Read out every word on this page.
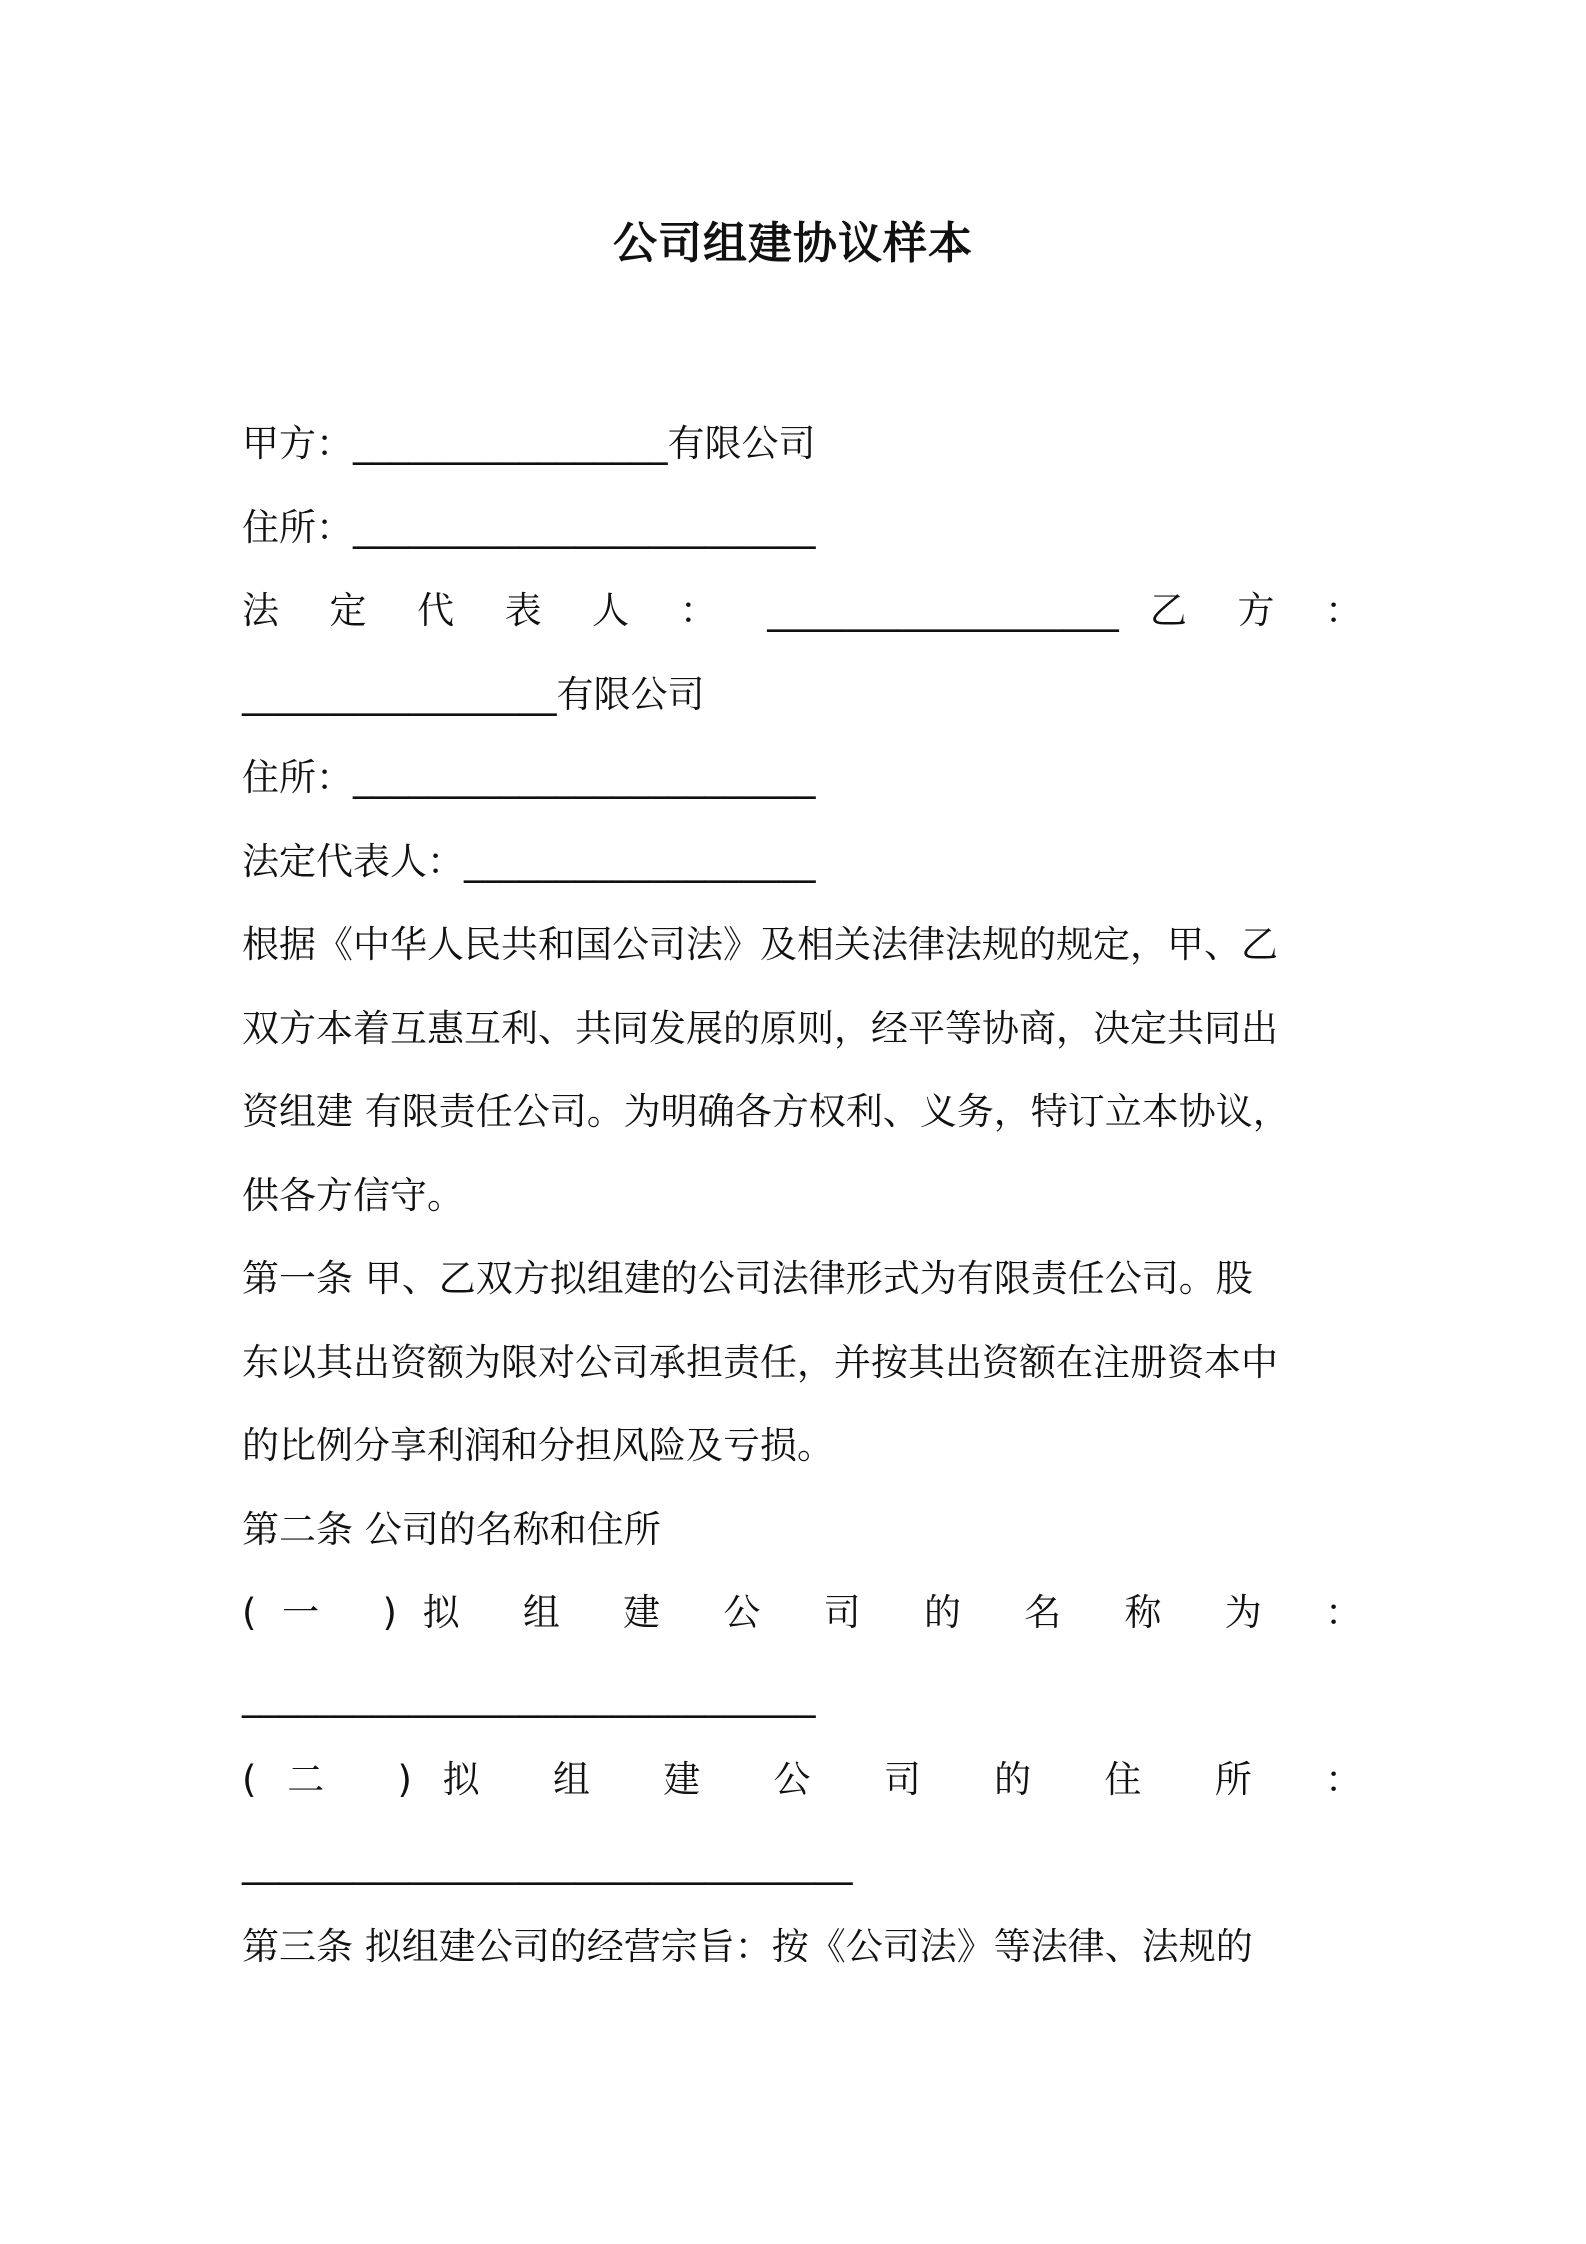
公司组建协议样本

甲方：_________________有限公司

住所：_________________________

法 定 代 表 人 ： ___________________ 乙 方 ：

_________________有限公司

住所：_________________________

法定代表人：___________________

根据《中华人民共和国公司法》及相关法律法规的规定，甲、乙

双方本着互惠互利、共同发展的原则，经平等协商，决定共同出

资组建 有限责任公司。为明确各方权利、义务，特订立本协议，

供各方信守。

第一条 甲、乙双方拟组建的公司法律形式为有限责任公司。股

东以其出资额为限对公司承担责任，并按其出资额在注册资本中

的比例分享利润和分担风险及亏损。

第二条 公司的名称和住所

(一 )拟 组 建 公 司 的 名 称 为 ：

_______________________________

(二 )拟 组 建 公 司 的 住 所 ：

_________________________________

第三条 拟组建公司的经营宗旨：按《公司法》等法律、法规的
